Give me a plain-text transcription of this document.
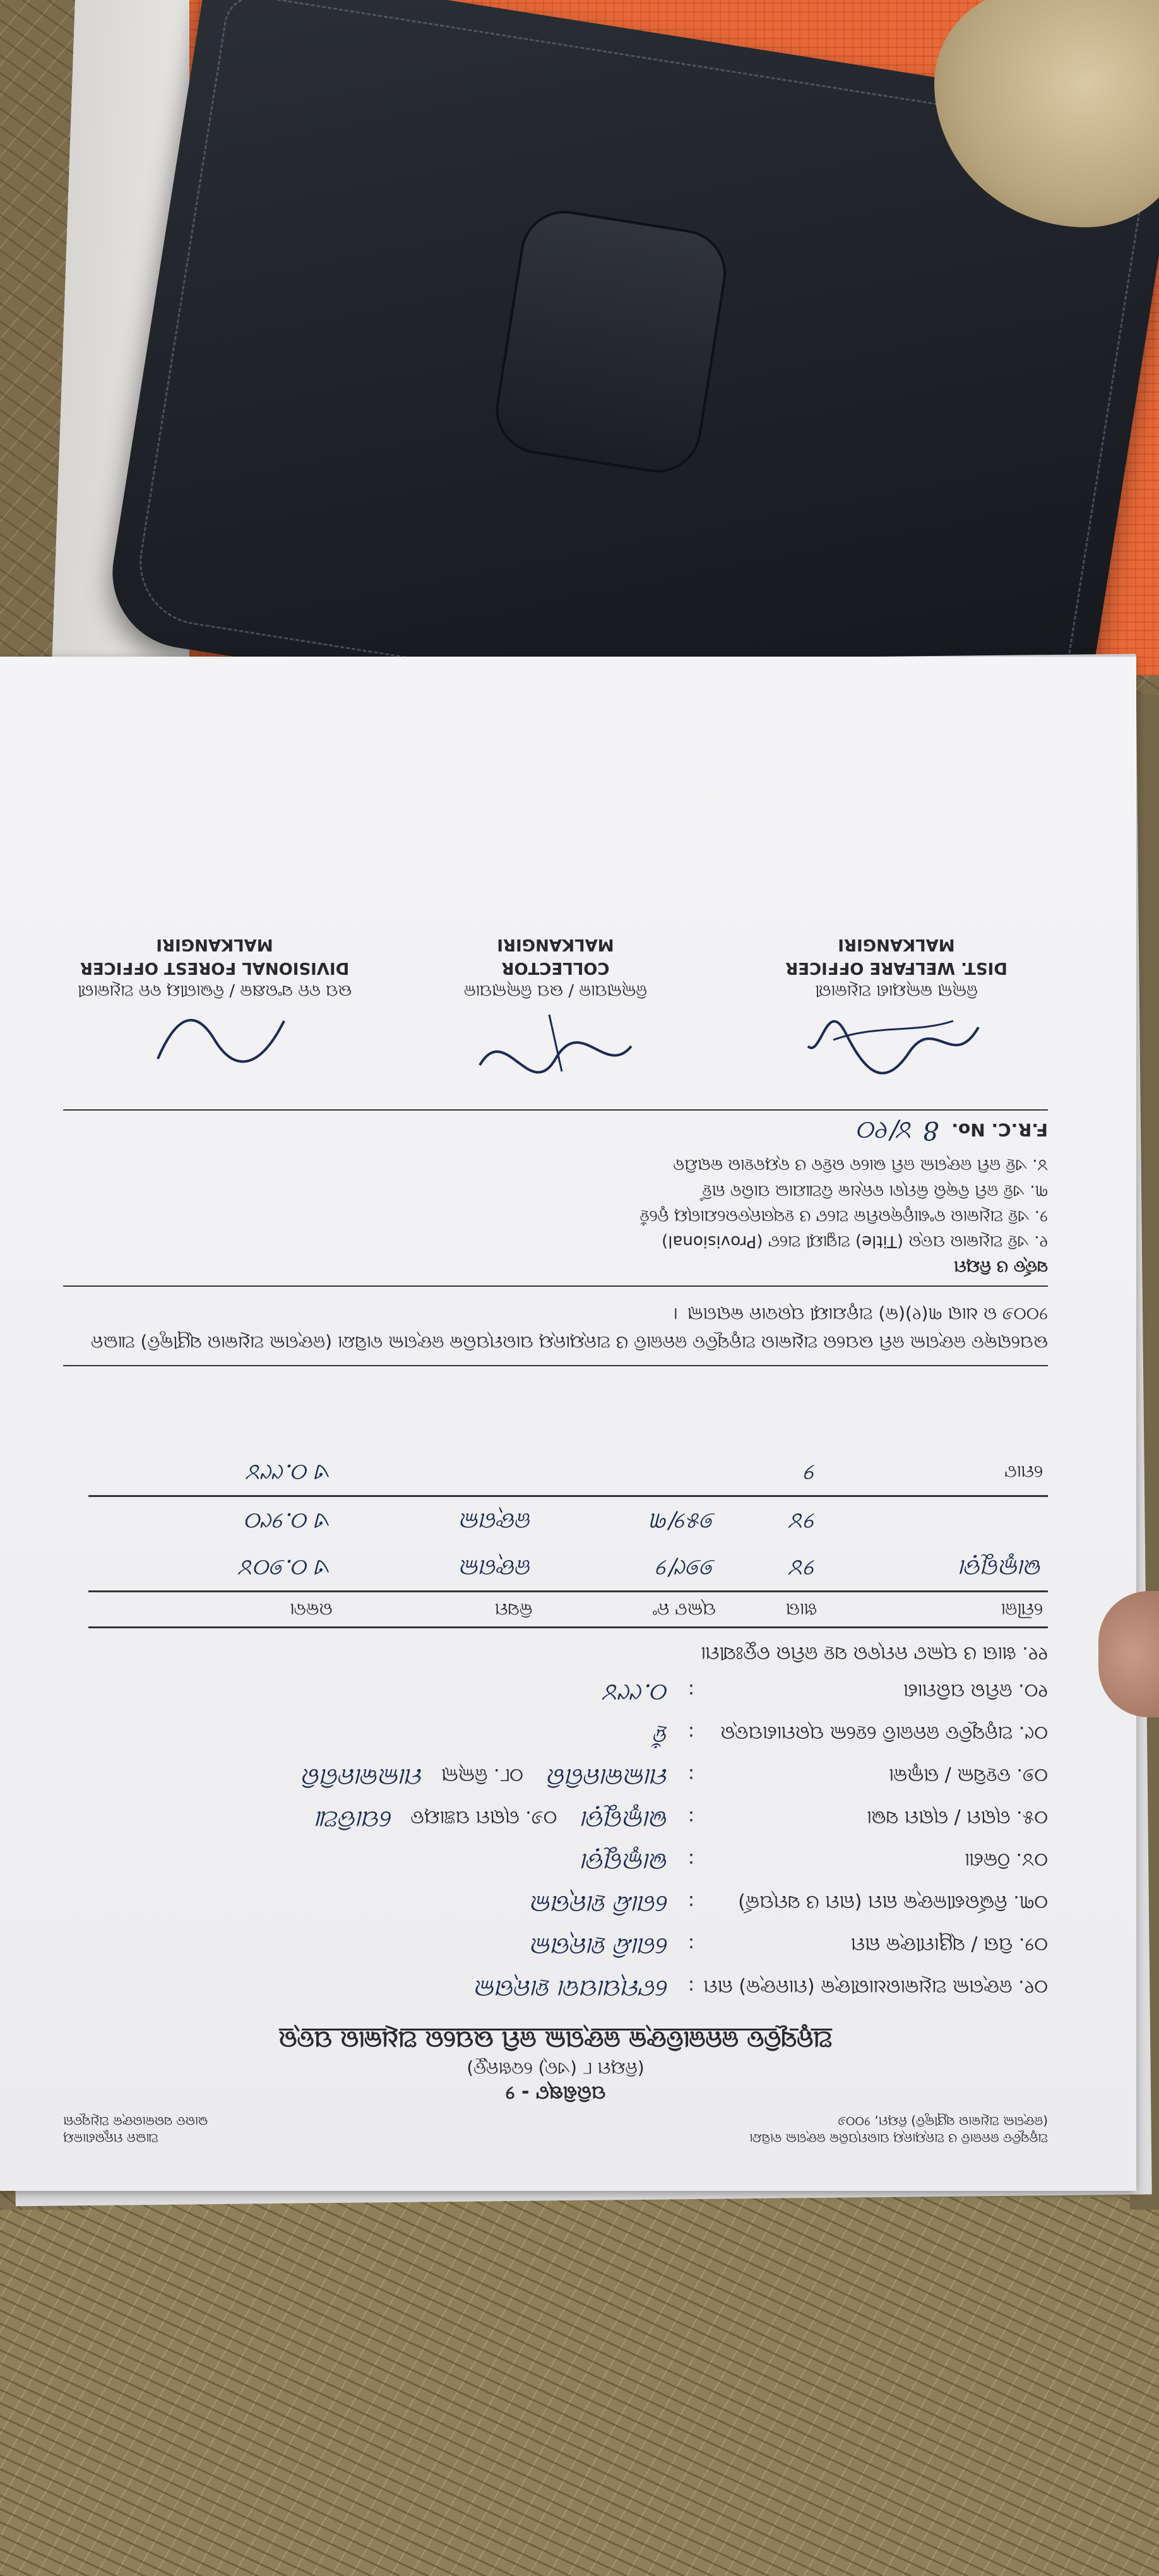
ଅନୁସୂଚିତ ଜନଜାତି ଓ ଅନ୍ୟାନ୍ୟ ପାରମ୍ପରିକ ଜଙ୍ଗଲ ବାସିନ୍ଦା
(ଜଙ୍ଗଲ ଅଧିକାର ସ୍ୱୀକୃତି) ନିୟମ, ୨୦୦୬
ଆଇନ ମନ୍ତ୍ରଣାଳୟ
ଭାରତ ସରକାରଙ୍କ ଅଧିସୂଚନା
ପରିଶିଷ୍ଟ - ୨
(ନିୟମ ୮ (ଏଚ୍) ଦେଖନ୍ତୁ)
ଅନୁସୂଚିତ ଜନଜାତିଙ୍କ ଜଙ୍ଗଲ ଜମି ଉପରେ ଅଧିକାର ପତ୍ର
୦୧. ଜଙ୍ଗଲ ଅଧିକାରଧାରୀଙ୍କ (ମାନଙ୍କ) ନାମ
:
ଟେମ୍ପାପଦା ହାନ୍ତାଲ
୦୨. ପିତା / ସ୍ୱାମୀଙ୍କ ନାମ
:
ଗୋନ୍ଦି ହାନ୍ତାଲ
୦୩. ନିର୍ଭରଶୀଳଙ୍କ ନାମ (ନାମ ଓ ସମ୍ପର୍କ)
:
ଗୋନ୍ଦି ହାନ୍ତାଲ
୦୪. ଠିକଣା
:
ଭାଲୁଗୁଡ଼ା
୦୫. ଗ୍ରାମ / ଗ୍ରାମ ସଭା
:
ଭାଲୁଗୁଡ଼ା
୦୬. ଗ୍ରାମ ପଞ୍ଚାୟତ ପୋଡିଆ
୦୭. ତହସିଲ / ତାଲୁକା
:
ମାଲକାନଗିରି
୦୮. ଜିଲ୍ଲା ମାଲକାନଗିରି
୦୯. ଅନୁସୂଚିତ ଜନଜାତି ହେଲେ ପ୍ରମାଣପତ୍ର
:
ହଁ
୧୦. ଜମିର ପରିମାଣ
:
୦.୯୯୪
୧୧. ଖାତା ଓ ପ୍ଲଟ ନମ୍ବର ସହ ଜମିର ଚତୁଃସୀମା
ମୌଜା	ଖାତା	ପ୍ଲଟ ନଂ	କିସମ	ରକବା
ଭାଲୁଗୁଡ଼ା	୨୪	୭୭୯/୨	ଜଙ୍ଗଲ	ଏ ୦.୭୦୪
	୨୪	୭୫୨/୩	ଜଙ୍ଗଲ	ଏ ୦.୨୯୦
ମୋଟ	୨			ଏ ୦.୯୯୪
ଉପରୋକ୍ତ ଜଙ୍ଗଲ ଜମି ଉପରେ ଅଧିକାର ଅନୁସୂଚିତ ଜନଜାତି ଓ ଅନ୍ୟାନ୍ୟ ପାରମ୍ପରିକ ଜଙ୍ଗଲ ବାସିନ୍ଦା (ଜଙ୍ଗଲ ଅଧିକାର ସ୍ୱୀକୃତି) ଆଇନ ୨୦୦୬ ର ଧାରା ୩(୧)(କ) ଅନୁଯାୟୀ ପ୍ରଦାନ କରାଗଲା ।
ସର୍ତ୍ତ ଓ ନିୟମ
୧. ଏହି ଅଧିକାର ପତ୍ର (Title) ଅସ୍ଥାୟୀ ଅଟେ (Provisional)
୨. ଏହି ଅଧିକାର ବଂଶାନୁକ୍ରମିକ ଅଟେ ଓ ହସ୍ତାନ୍ତରଯୋଗ୍ୟ ନୁହେଁ
୩. ଏହି ଜମି ବିକ୍ରି କିମ୍ବା ବନ୍ଧକ ଦିଆଯାଇ ପାରିବ ନାହିଁ
୪. ଏହି ଜମି ଜଙ୍ଗଲ ଜମି ଭାବେ ରହିବ ଓ ବ୍ୟବହାର କରାଯିବ
F.R.C. No.
8 ୪/୧୦
ଜିଲ୍ଲା କଲ୍ୟାଣ ଅଧିକାରୀ
DIST. WELFARE OFFICER
MALKANGIRI
ଜିଲ୍ଲାପାଳ / ଉପ ଜିଲ୍ଲାପାଳ
COLLECTOR
MALKANGIRI
ଉପ ବନ ସଂରକ୍ଷକ / ବିଭାଗୀୟ ବନ ଅଧିକାରୀ
DIVISIONAL FOREST OFFICER
MALKANGIRI
